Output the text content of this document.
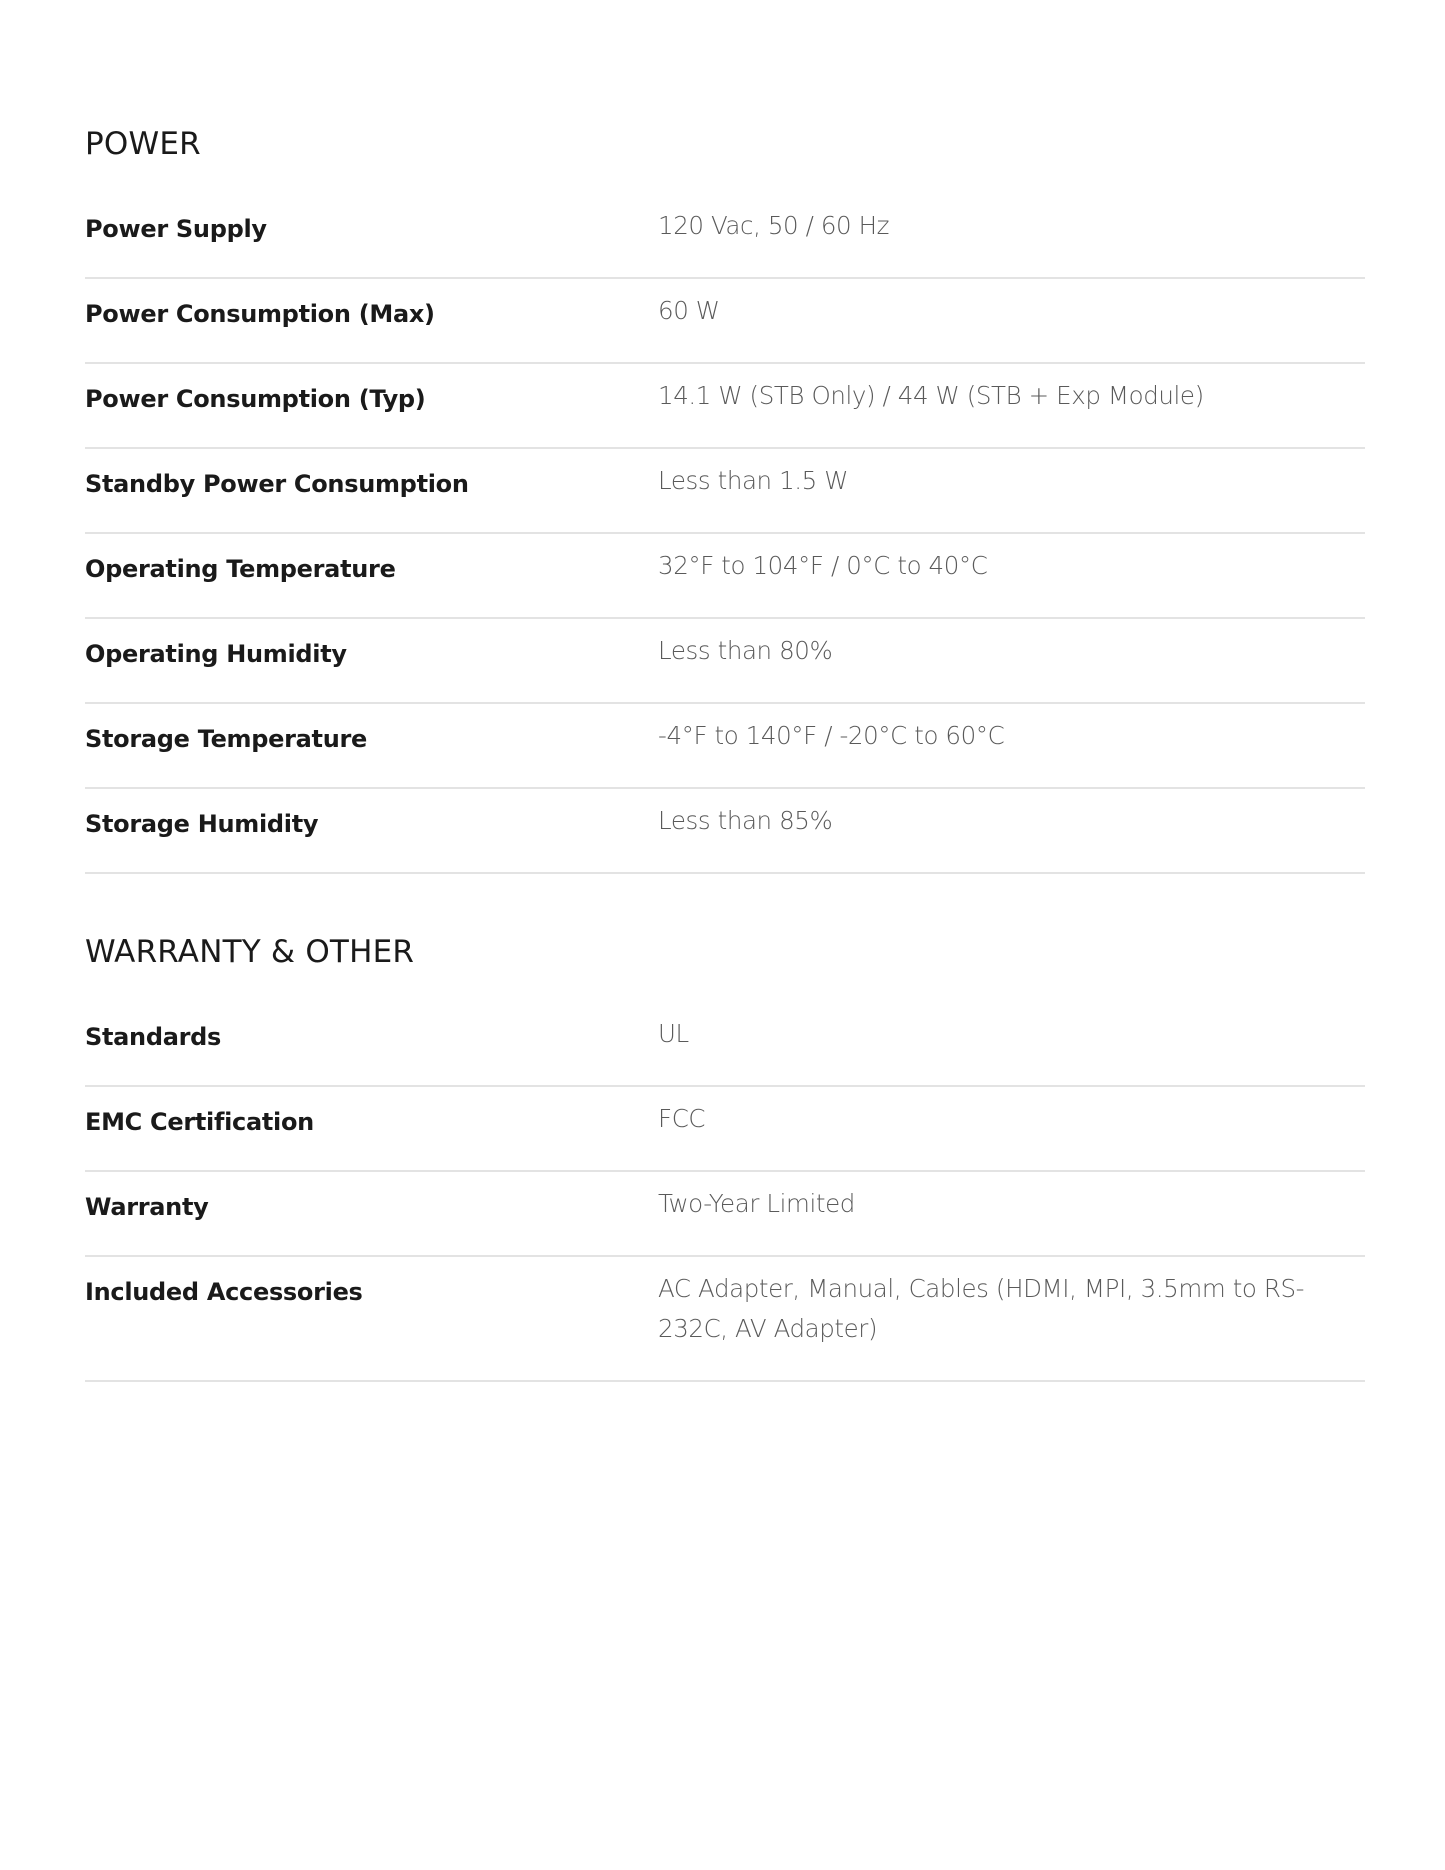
POWER
Power Supply	120 Vac, 50 / 60 Hz
Power Consumption (Max)	60 W
Power Consumption (Typ)	14.1 W (STB Only) / 44 W (STB + Exp Module)
Standby Power Consumption	Less than 1.5 W
Operating Temperature	32°F to 104°F / 0°C to 40°C
Operating Humidity	Less than 80%
Storage Temperature	-4°F to 140°F / -20°C to 60°C
Storage Humidity	Less than 85%
WARRANTY & OTHER
Standards	UL
EMC Certification	FCC
Warranty	Two-Year Limited
Included Accessories	AC Adapter, Manual, Cables (HDMI, MPI, 3.5mm to RS-232C, AV Adapter)
